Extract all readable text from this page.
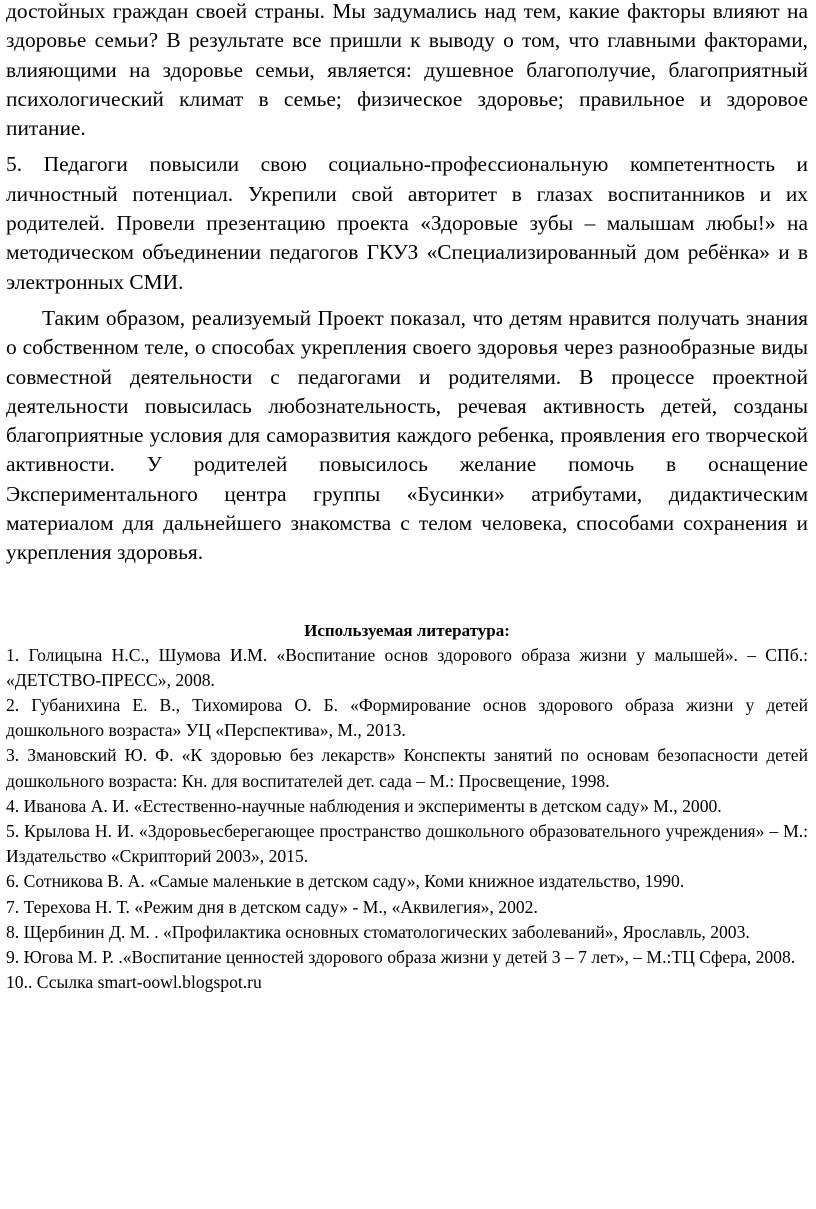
достойных граждан своей страны. Мы задумались над тем, какие факторы влияют на здоровье семьи? В результате все пришли к выводу о том, что главными факторами, влияющими на здоровье семьи, является: душевное благополучие, благоприятный психологический климат в семье; физическое здоровье; правильное и здоровое питание.

5. Педагоги повысили свою социально-профессиональную компетентность и личностный потенциал. Укрепили свой авторитет в глазах воспитанников и их родителей. Провели презентацию проекта «Здоровые зубы – малышам любы!» на методическом объединении педагогов ГКУЗ «Специализированный дом ребёнка» и в электронных СМИ.

Таким образом, реализуемый Проект показал, что детям нравится получать знания о собственном теле, о способах укрепления своего здоровья через разнообразные виды совместной деятельности с педагогами и родителями. В процессе проектной деятельности повысилась любознательность, речевая активность детей, созданы благоприятные условия для саморазвития каждого ребенка, проявления его творческой активности. У родителей повысилось желание помочь в оснащение Экспериментального центра группы «Бусинки» атрибутами, дидактическим материалом для дальнейшего знакомства с телом человека, способами сохранения и укрепления здоровья.

Используемая литература:
1. Голицына Н.С., Шумова И.М. «Воспитание основ здорового образа жизни у малышей». – СПб.: «ДЕТСТВО-ПРЕСС», 2008.
2. Губанихина Е. В., Тихомирова О. Б. «Формирование основ здорового образа жизни у детей дошкольного возраста» УЦ «Перспектива», М., 2013.
3. Змановский Ю. Ф. «К здоровью без лекарств» Конспекты занятий по основам безопасности детей дошкольного возраста: Кн. для воспитателей дет. сада – М.: Просвещение, 1998.
4. Иванова А. И. «Естественно-научные наблюдения и эксперименты в детском саду» М., 2000.
5. Крылова Н. И. «Здоровьесберегающее пространство дошкольного образовательного учреждения» – М.: Издательство «Скрипторий 2003», 2015.
6. Сотникова В. А. «Самые маленькие в детском саду», Коми книжное издательство, 1990.
7. Терехова Н. Т. «Режим дня в детском саду» - М., «Аквилегия», 2002.
8. Щербинин Д. М. . «Профилактика основных стоматологических заболеваний», Ярославль, 2003.
9. Югова М. Р. .«Воспитание ценностей здорового образа жизни у детей 3 – 7 лет», – М.:ТЦ Сфера, 2008.
10.. Ссылка smart-oowl.blogspot.ru
